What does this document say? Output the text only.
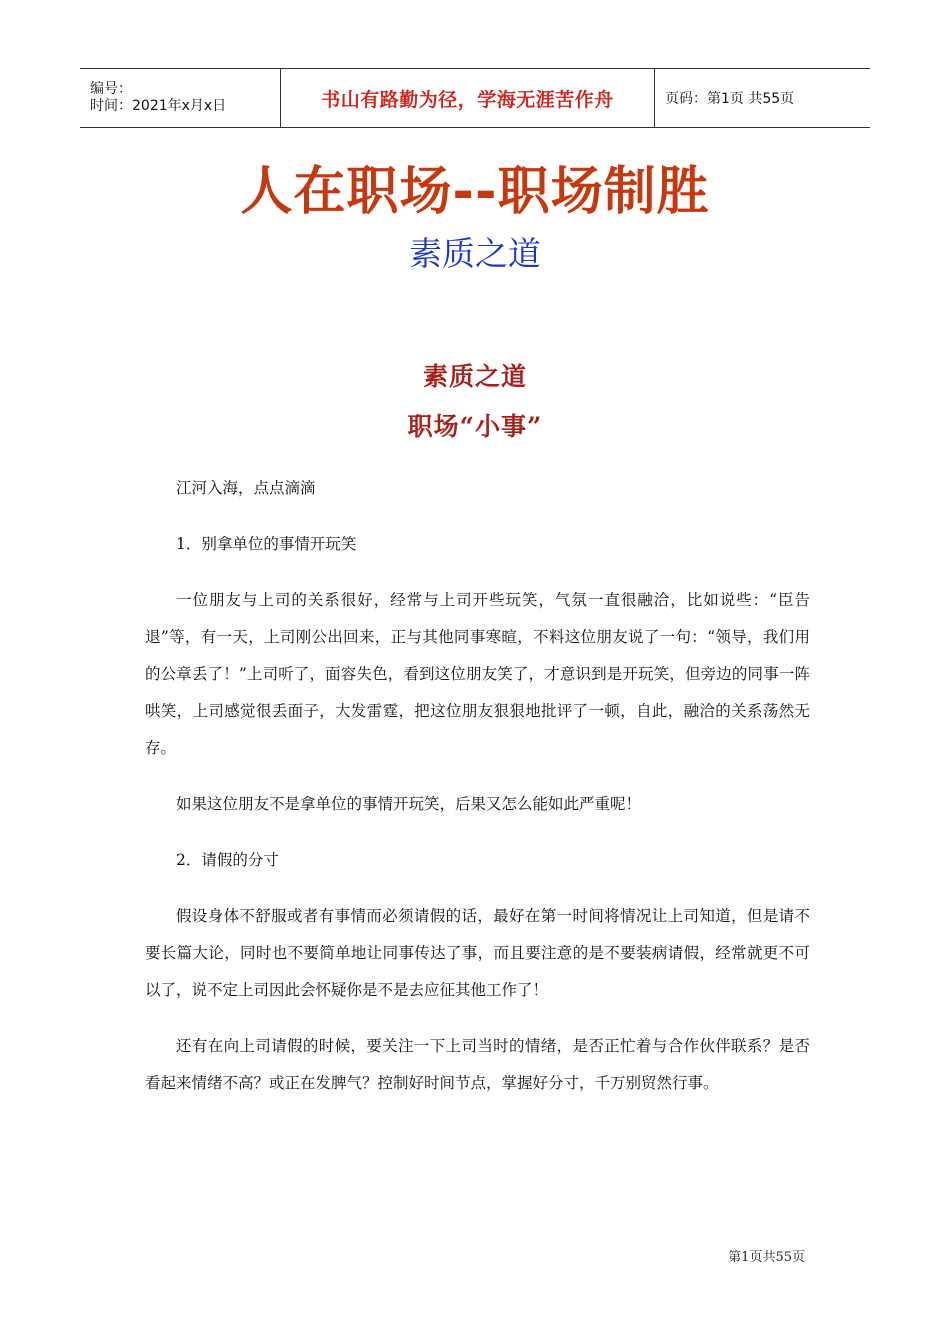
编号：
时间：2021年x月x日	书山有路勤为径，学海无涯苦作舟	页码：第1页 共55页
人在职场--职场制胜
素质之道
素质之道
职场“小事”

江河入海，点点滴滴

1．别拿单位的事情开玩笑

一位朋友与上司的关系很好，经常与上司开些玩笑，气氛一直很融洽，比如说些：“臣告退”等，有一天，上司刚公出回来，正与其他同事寒暄，不料这位朋友说了一句：“领导，我们用的公章丢了！”上司听了，面容失色，看到这位朋友笑了，才意识到是开玩笑，但旁边的同事一阵哄笑，上司感觉很丢面子，大发雷霆，把这位朋友狠狠地批评了一顿，自此，融洽的关系荡然无存。

如果这位朋友不是拿单位的事情开玩笑，后果又怎么能如此严重呢！

2．请假的分寸

假设身体不舒服或者有事情而必须请假的话，最好在第一时间将情况让上司知道，但是请不要长篇大论，同时也不要简单地让同事传达了事，而且要注意的是不要装病请假，经常就更不可以了，说不定上司因此会怀疑你是不是去应征其他工作了！

还有在向上司请假的时候，要关注一下上司当时的情绪，是否正忙着与合作伙伴联系？是否看起来情绪不高？或正在发脾气？控制好时间节点，掌握好分寸，千万别贸然行事。

第1页共55页
